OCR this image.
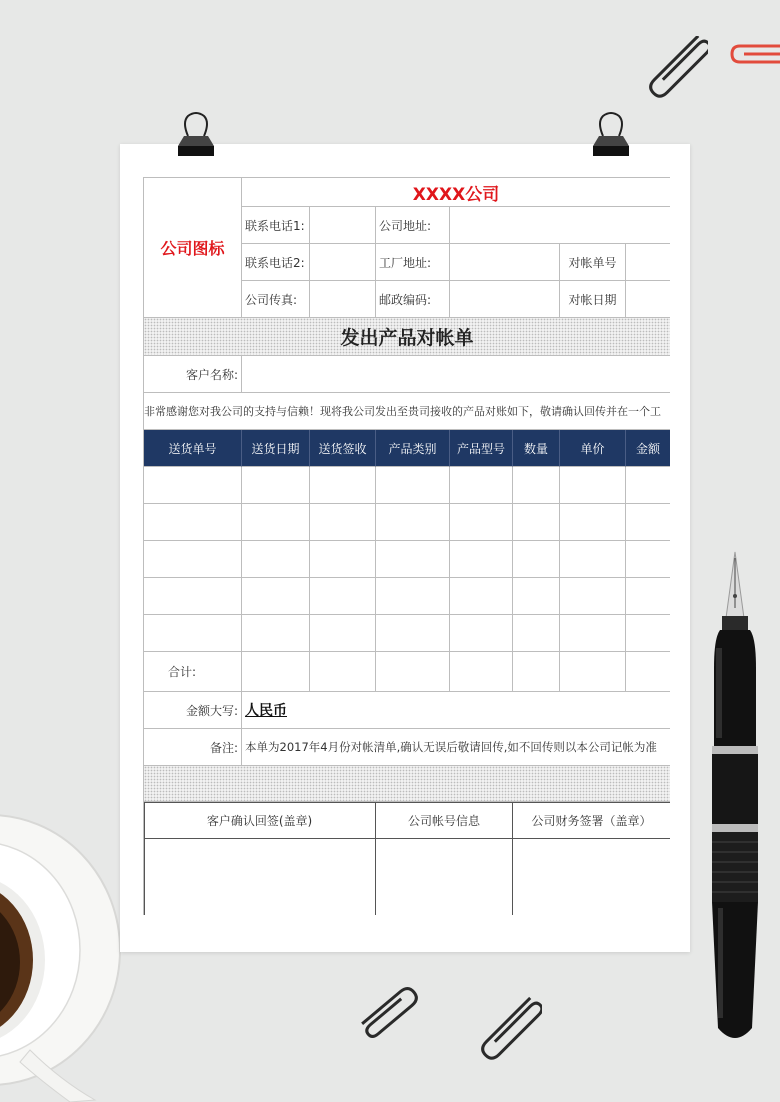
公司图标
XXXX公司
联系电话1:	公司地址:
联系电话2:	工厂地址:	对帐单号
公司传真:	邮政编码:	对帐日期
发出产品对帐单
客户名称:
非常感谢您对我公司的支持与信赖！现将我公司发出至贵司接收的产品对账如下，敬请确认回传并在一个工
送货单号	送货日期	送货签收	产品类别	产品型号	数量	单价	金额
合计:
金额大写: 人民币
备注: 本单为2017年4月份对帐清单,确认无误后敬请回传,如不回传则以本公司记帐为准
客户确认回签(盖章)	公司帐号信息	公司财务签署（盖章）
